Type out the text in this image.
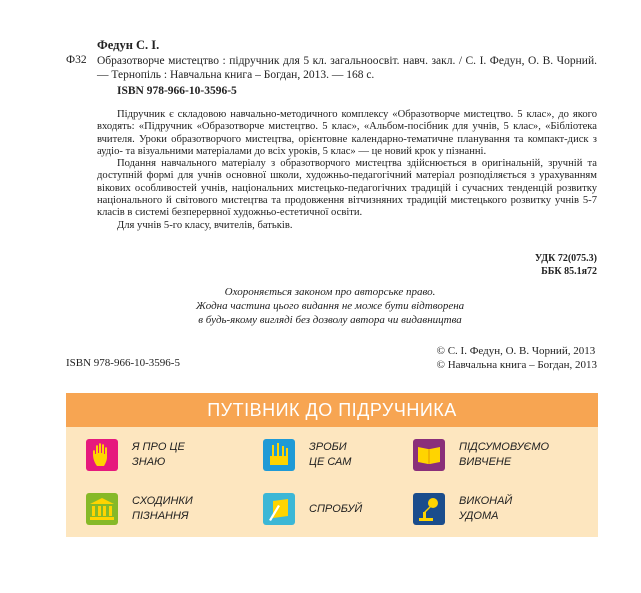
Федун С. І.
Ф32 Образотворче мистецтво : підручник для 5 кл. загальноосвіт. навч. закл. / С. І. Федун, О. В. Чорний. — Тернопіль : Навчальна книга – Богдан, 2013. — 168 с.
ISBN 978-966-10-3596-5

Підручник є складовою навчально-методичного комплексу «Образотворче мистецтво. 5 клас», до якого входять: «Підручник «Образотворче мистецтво. 5 клас», «Альбом-посібник для учнів, 5 клас», «Бібліотека вчителя. Уроки образотворчого мистецтва, орієнтовне календарно-тематичне планування та компакт-диск з аудіо- та візуальними матеріалами до всіх уроків, 5 клас» — це новий крок у пізнанні.

Подання навчального матеріалу з образотворчого мистецтва здійснюється в оригінальній, зручній та доступній формі для учнів основної школи, художньо-педагогічний матеріал розподіляється з урахуванням вікових особливостей учнів, національних мистецько-педагогічних традицій і сучасних тенденцій розвитку національного й світового мистецтва та продовження вітчизняних традицій мистецького розвитку учнів 5-7 класів в системі безперервної художньо-естетичної освіти.

Для учнів 5-го класу, вчителів, батьків.

УДК 72(075.3)
ББК 85.1я72
Охороняється законом про авторське право.
Жодна частина цього видання не може бути відтворена
в будь-якому вигляді без дозволу автора чи видавництва
ISBN 978-966-10-3596-5
© С. І. Федун, О. В. Чорний, 2013
© Навчальна книга – Богдан, 2013
ПУТІВНИК ДО ПІДРУЧНИКА
Я ПРО ЦЕ
ЗНАЮ
ЗРОБИ
ЦЕ САМ
ПІДСУМОВУЄМО
ВИВЧЕНЕ
СХОДИНКИ
ПІЗНАННЯ
СПРОБУЙ
ВИКОНАЙ
УДОМА
